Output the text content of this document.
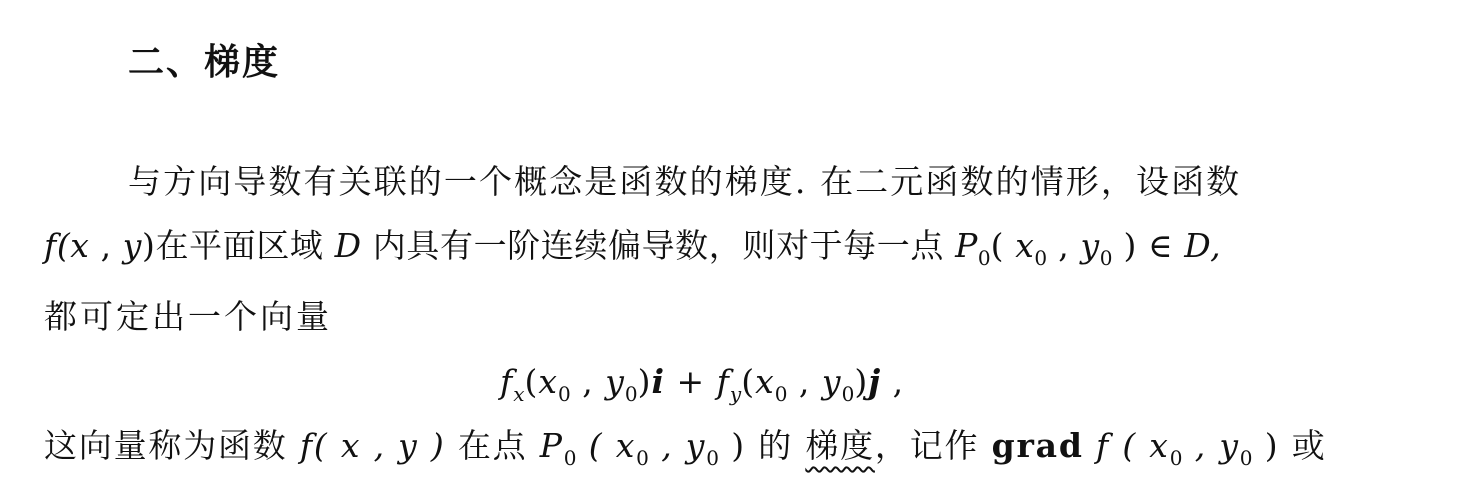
二、梯度
与方向导数有关联的一个概念是函数的梯度. 在二元函数的情形，设函数
f(x , y)在平面区域 D 内具有一阶连续偏导数，则对于每一点 $P_0$( $x_0$ , $y_0$ ) ∈ D,
都可定出一个向量
$f_x(x_0$ , $y_0)i + f_y(x_0$ , $y_0)j$ ,
这向量称为函数 f( x , y ) 在点 $P_0$ ( $x_0$ , $y_0$ ) 的 梯度，记作 grad f ( $x_0$ , $y_0$ ) 或
